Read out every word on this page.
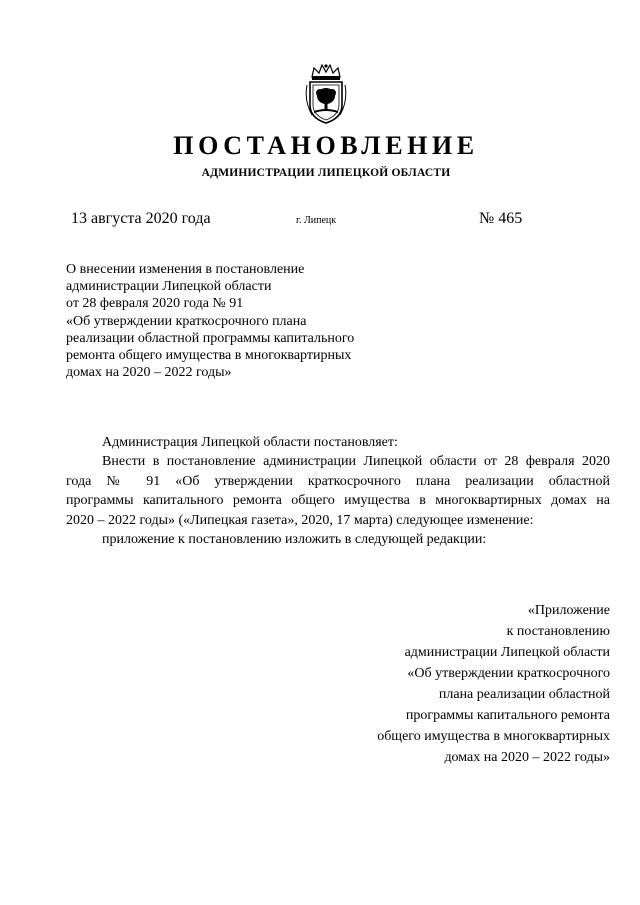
ПОСТАНОВЛЕНИЕ
АДМИНИСТРАЦИИ ЛИПЕЦКОЙ ОБЛАСТИ
13 августа 2020 года	г. Липецк	№ 465
О внесении изменения в постановление
администрации Липецкой области
от 28 февраля 2020 года № 91
«Об утверждении краткосрочного плана
реализации областной программы капитального
ремонта общего имущества в многоквартирных
домах на 2020 – 2022 годы»

Администрация Липецкой области постановляет:

Внести в постановление администрации Липецкой области от 28 февраля 2020

года № 91 «Об утверждении краткосрочного плана реализации областной

программы капитального ремонта общего имущества в многоквартирных домах на

2020 – 2022 годы» («Липецкая газета», 2020, 17 марта) следующее изменение:

приложение к постановлению изложить в следующей редакции:

«Приложение
к постановлению
администрации Липецкой области
«Об утверждении краткосрочного
плана реализации областной
программы капитального ремонта
общего имущества в многоквартирных
домах на 2020 – 2022 годы»
